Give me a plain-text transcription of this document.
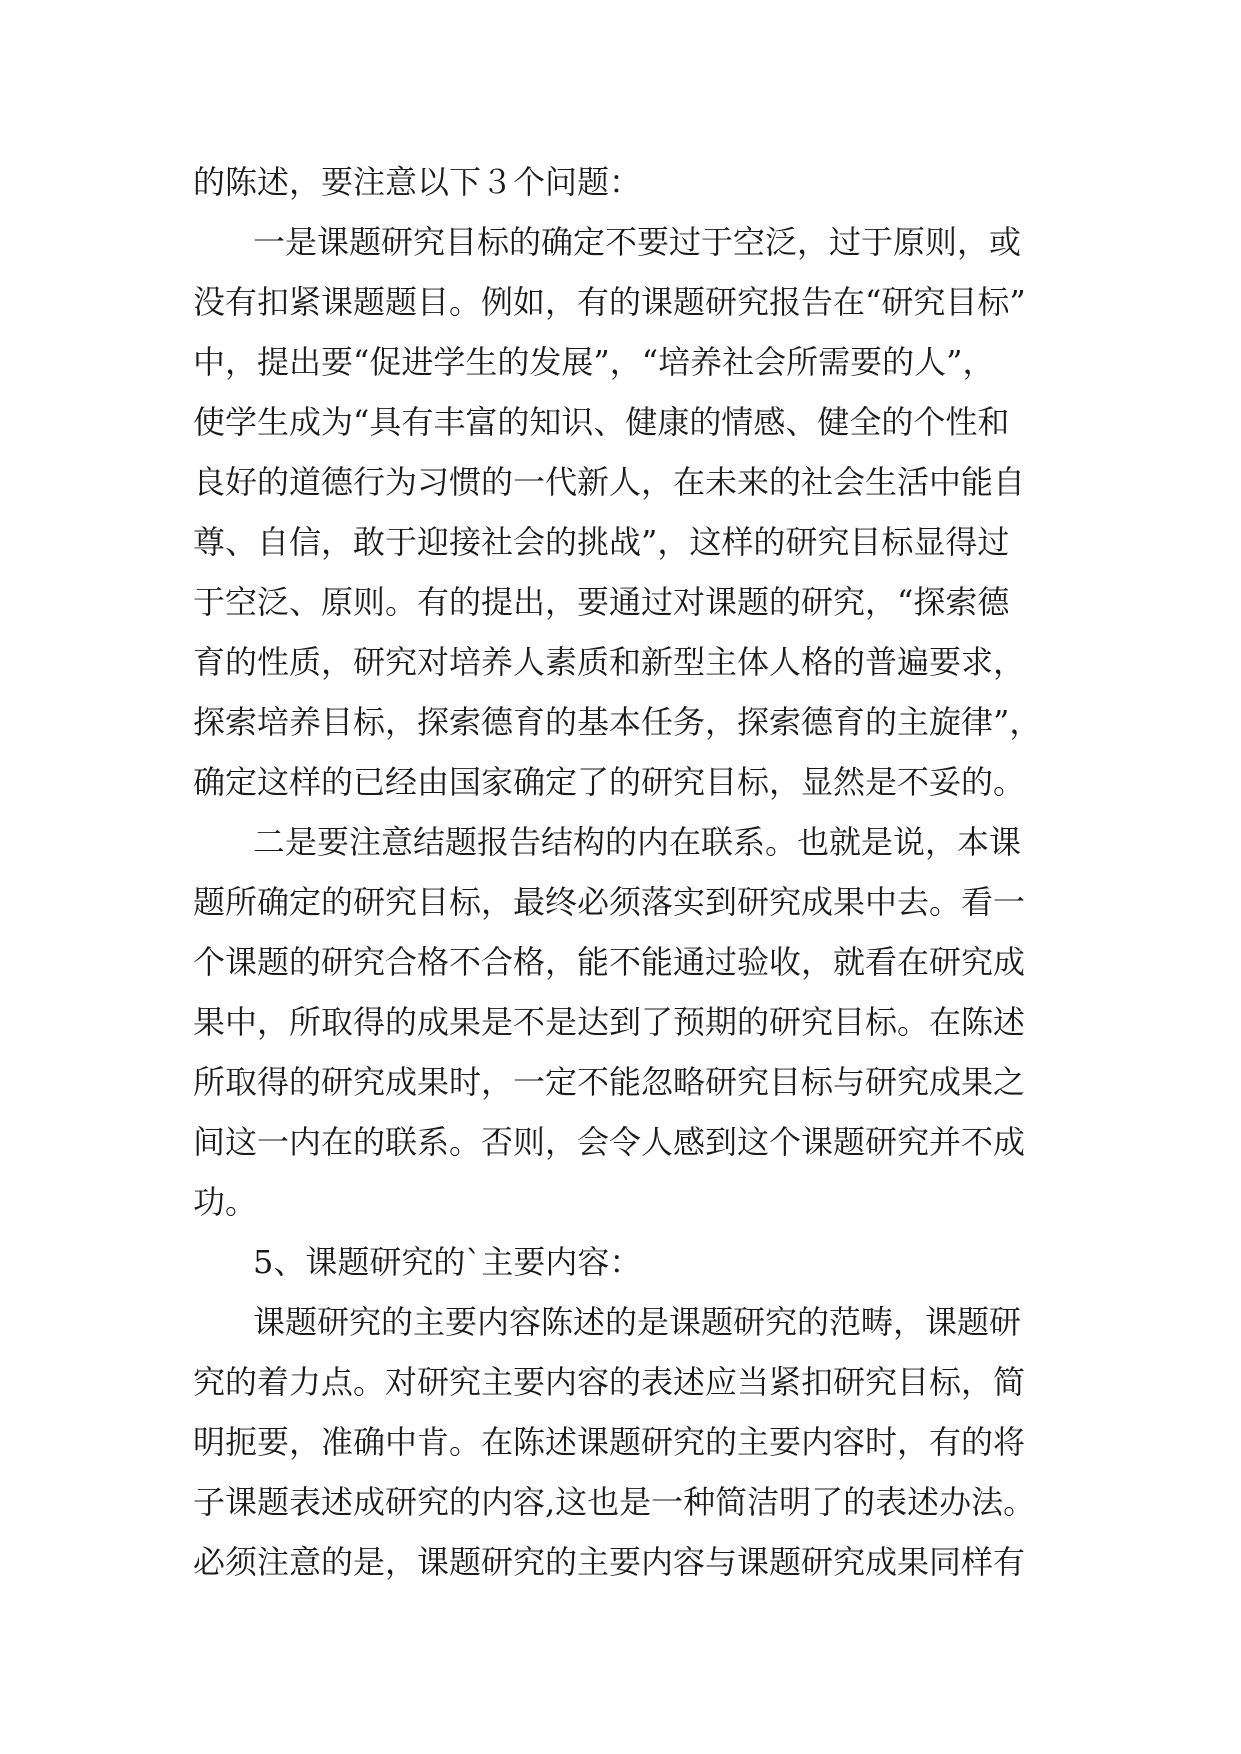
的陈述，要注意以下３个问题：
一是课题研究目标的确定不要过于空泛，过于原则，或
没有扣紧课题题目。例如，有的课题研究报告在“研究目标”
中，提出要“促进学生的发展”，“培养社会所需要的人”，
使学生成为“具有丰富的知识、健康的情感、健全的个性和
良好的道德行为习惯的一代新人，在未来的社会生活中能自
尊、自信，敢于迎接社会的挑战”，这样的研究目标显得过
于空泛、原则。有的提出，要通过对课题的研究，“探索德
育的性质，研究对培养人素质和新型主体人格的普遍要求，
探索培养目标，探索德育的基本任务，探索德育的主旋律”，
确定这样的已经由国家确定了的研究目标，显然是不妥的。
二是要注意结题报告结构的内在联系。也就是说，本课
题所确定的研究目标，最终必须落实到研究成果中去。看一
个课题的研究合格不合格，能不能通过验收，就看在研究成
果中，所取得的成果是不是达到了预期的研究目标。在陈述
所取得的研究成果时，一定不能忽略研究目标与研究成果之
间这一内在的联系。否则，会令人感到这个课题研究并不成
功。
5、课题研究的`主要内容：
课题研究的主要内容陈述的是课题研究的范畴，课题研
究的着力点。对研究主要内容的表述应当紧扣研究目标，简
明扼要，准确中肯。在陈述课题研究的主要内容时，有的将
子课题表述成研究的内容,这也是一种简洁明了的表述办法。
必须注意的是，课题研究的主要内容与课题研究成果同样有
